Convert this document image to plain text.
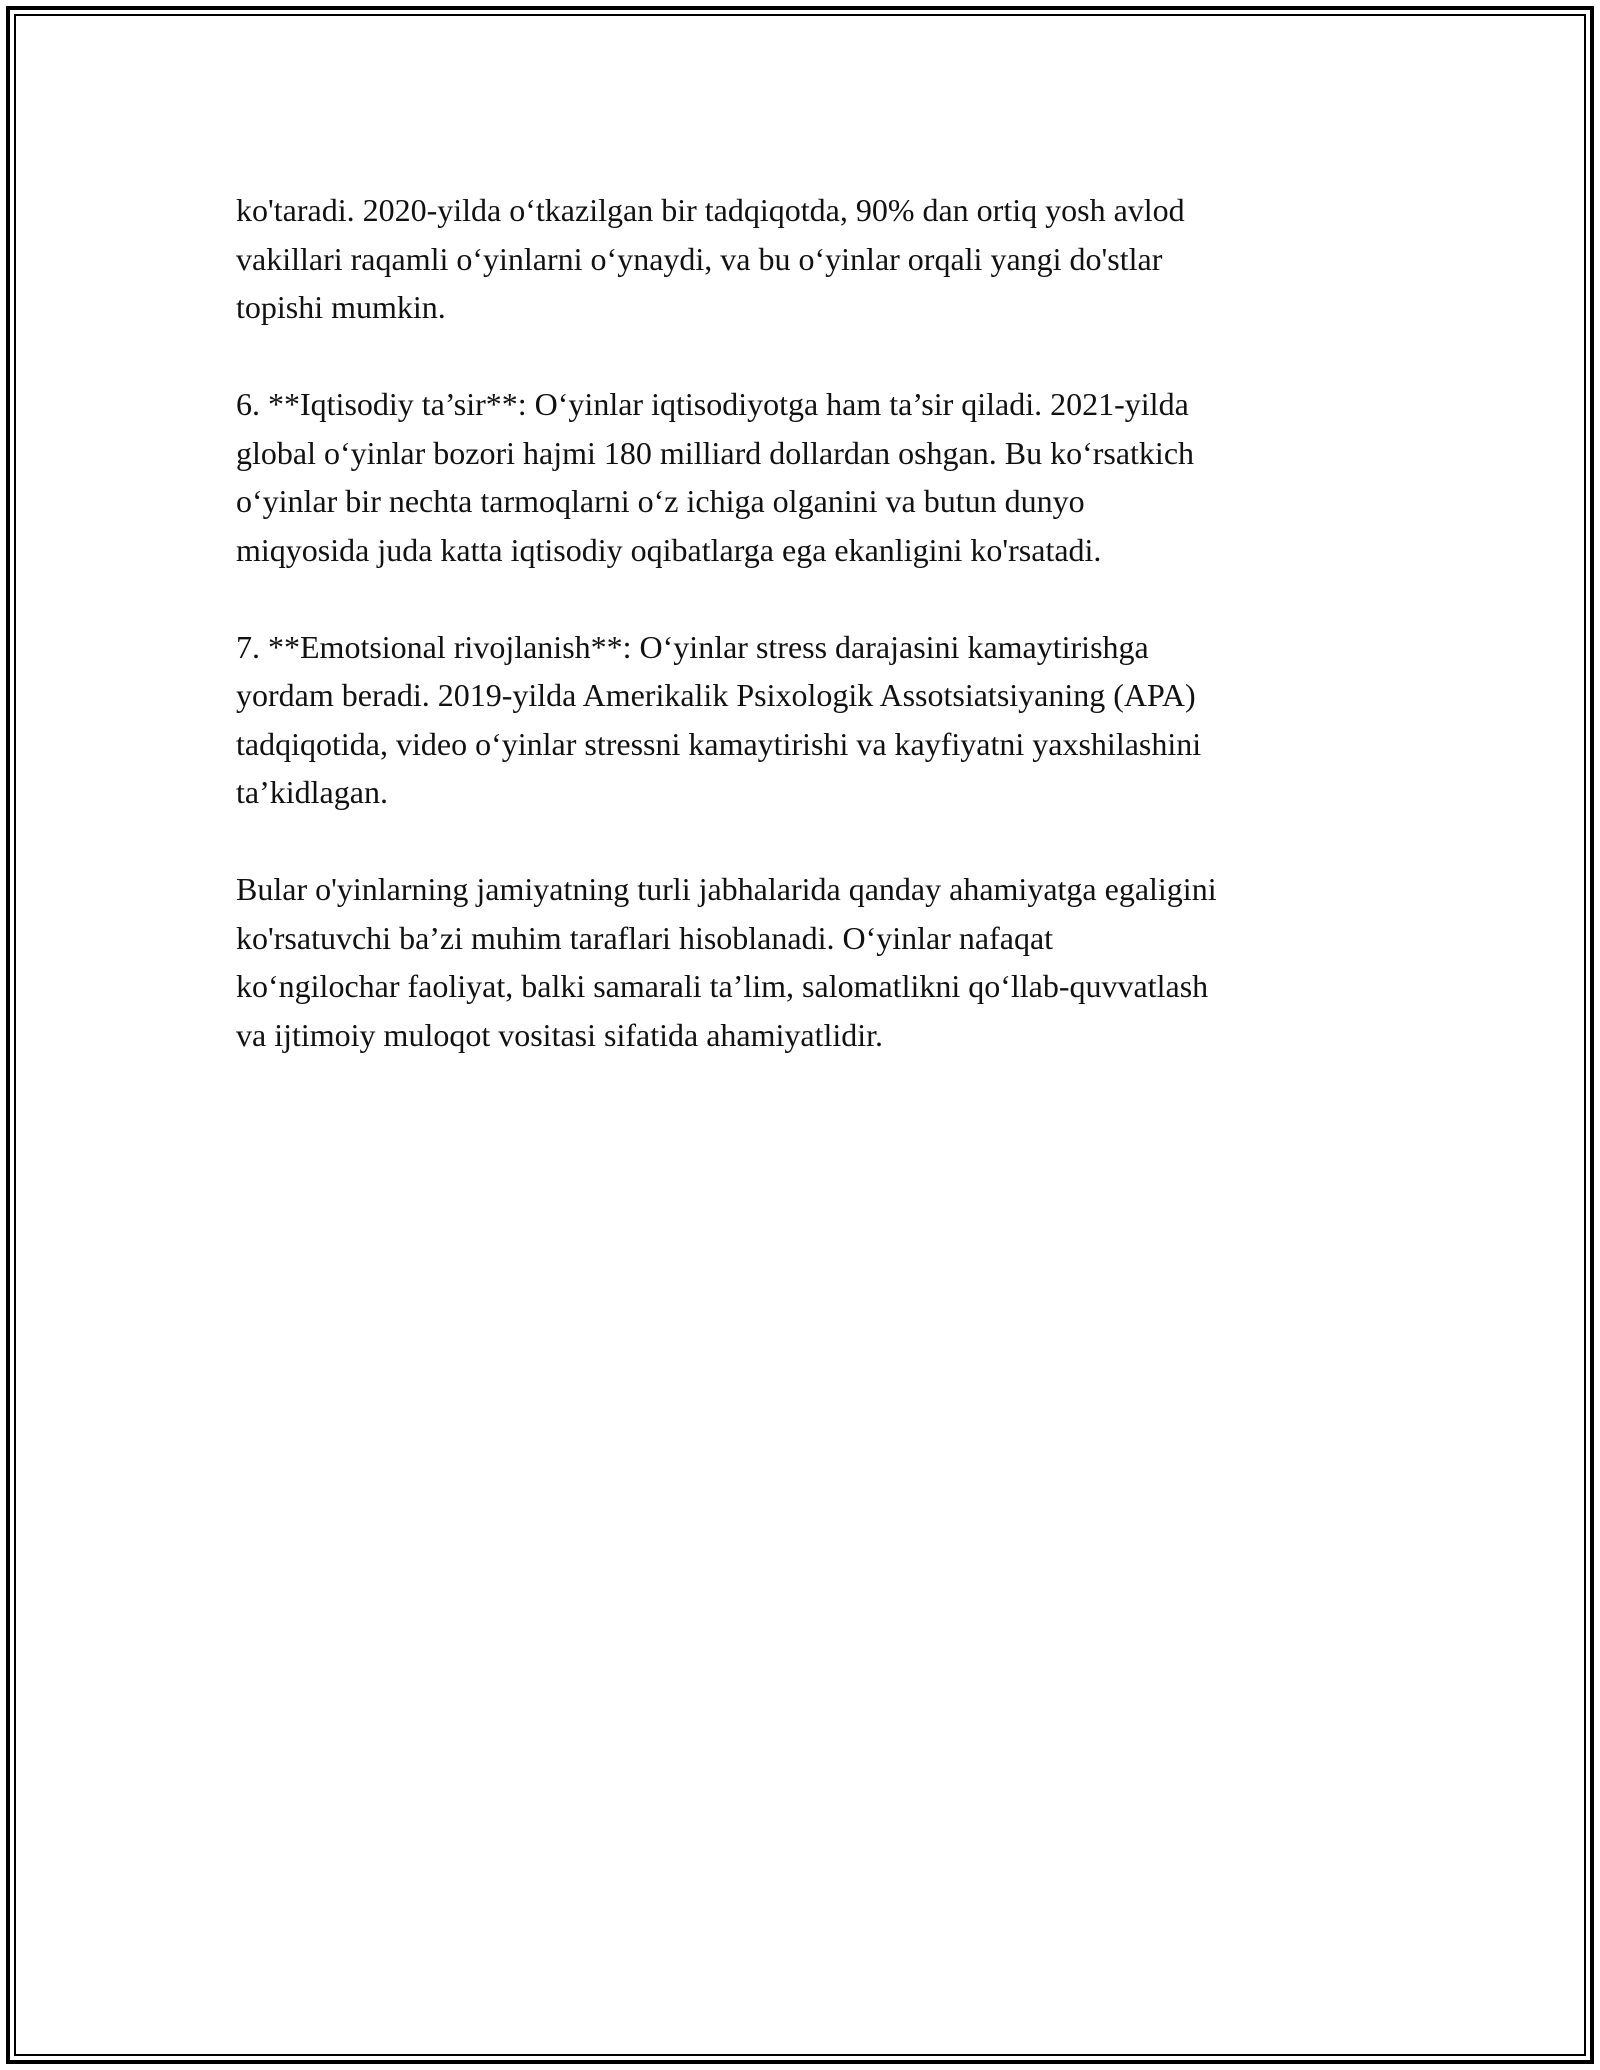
ko'taradi. 2020-yilda o‘tkazilgan bir tadqiqotda, 90% dan ortiq yosh avlod
vakillari raqamli o‘yinlarni o‘ynaydi, va bu o‘yinlar orqali yangi do'stlar
topishi mumkin.

6. **Iqtisodiy ta’sir**: O‘yinlar iqtisodiyotga ham ta’sir qiladi. 2021-yilda
global o‘yinlar bozori hajmi 180 milliard dollardan oshgan. Bu ko‘rsatkich
o‘yinlar bir nechta tarmoqlarni o‘z ichiga olganini va butun dunyo
miqyosida juda katta iqtisodiy oqibatlarga ega ekanligini ko'rsatadi.

7. **Emotsional rivojlanish**: O‘yinlar stress darajasini kamaytirishga
yordam beradi. 2019-yilda Amerikalik Psixologik Assotsiatsiyaning (APA)
tadqiqotida, video o‘yinlar stressni kamaytirishi va kayfiyatni yaxshilashini
ta’kidlagan.

Bular o'yinlarning jamiyatning turli jabhalarida qanday ahamiyatga egaligini
ko'rsatuvchi ba’zi muhim taraflari hisoblanadi. O‘yinlar nafaqat
ko‘ngilochar faoliyat, balki samarali ta’lim, salomatlikni qo‘llab-quvvatlash
va ijtimoiy muloqot vositasi sifatida ahamiyatlidir.
